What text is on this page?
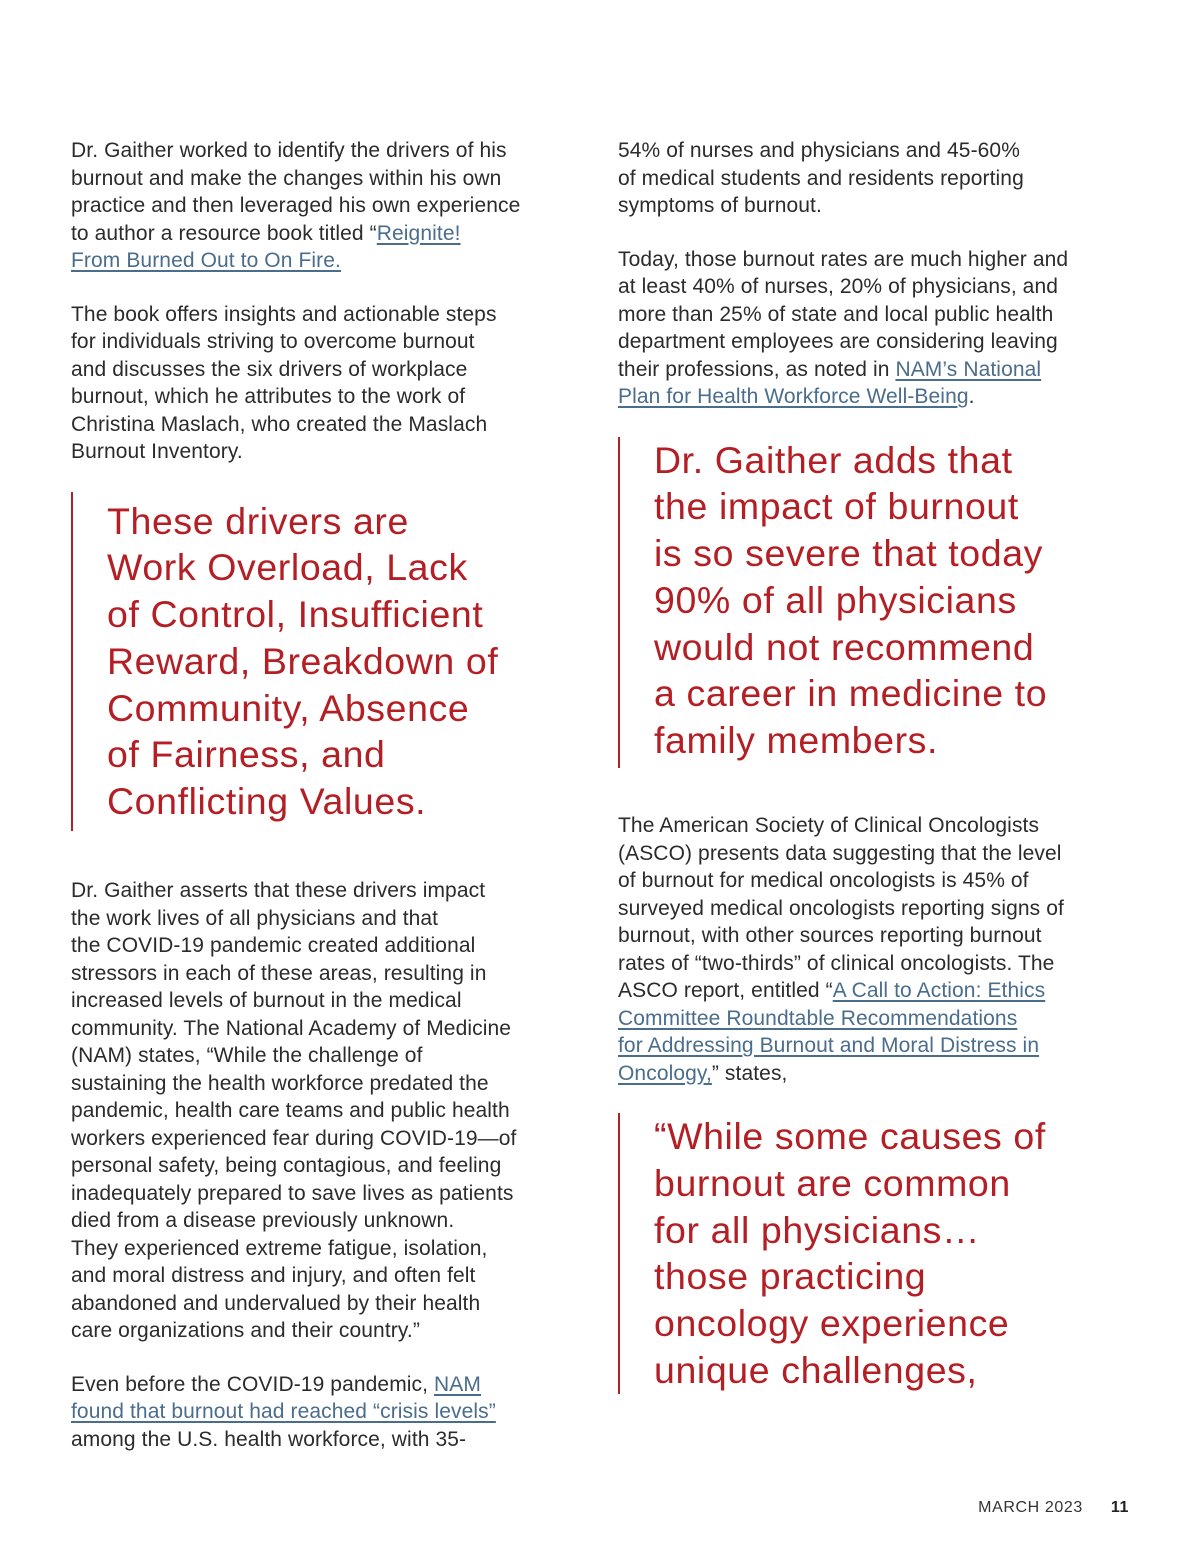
Dr. Gaither worked to identify the drivers of his
burnout and make the changes within his own
practice and then leveraged his own experience
to author a resource book titled “Reignite!
From Burned Out to On Fire.

The book offers insights and actionable steps
for individuals striving to overcome burnout
and discusses the six drivers of workplace
burnout, which he attributes to the work of
Christina Maslach, who created the Maslach
Burnout Inventory.

These drivers are
Work Overload, Lack
of Control, Insufficient
Reward, Breakdown of
Community, Absence
of Fairness, and
Conflicting Values.

Dr. Gaither asserts that these drivers impact
the work lives of all physicians and that
the COVID-19 pandemic created additional
stressors in each of these areas, resulting in
increased levels of burnout in the medical
community. The National Academy of Medicine
(NAM) states, “While the challenge of
sustaining the health workforce predated the
pandemic, health care teams and public health
workers experienced fear during COVID-19—of
personal safety, being contagious, and feeling
inadequately prepared to save lives as patients
died from a disease previously unknown.
They experienced extreme fatigue, isolation,
and moral distress and injury, and often felt
abandoned and undervalued by their health
care organizations and their country.”

Even before the COVID-19 pandemic, NAM
found that burnout had reached “crisis levels”
among the U.S. health workforce, with 35-

54% of nurses and physicians and 45-60%
of medical students and residents reporting
symptoms of burnout.

Today, those burnout rates are much higher and
at least 40% of nurses, 20% of physicians, and
more than 25% of state and local public health
department employees are considering leaving
their professions, as noted in NAM’s National
Plan for Health Workforce Well-Being.

Dr. Gaither adds that
the impact of burnout
is so severe that today
90% of all physicians
would not recommend
a career in medicine to
family members.

The American Society of Clinical Oncologists
(ASCO) presents data suggesting that the level
of burnout for medical oncologists is 45% of
surveyed medical oncologists reporting signs of
burnout, with other sources reporting burnout
rates of “two-thirds” of clinical oncologists. The
ASCO report, entitled “A Call to Action: Ethics
Committee Roundtable Recommendations
for Addressing Burnout and Moral Distress in
Oncology,” states,

“While some causes of
burnout are common
for all physicians…
those practicing
oncology experience
unique challenges,
MARCH 2023 11
